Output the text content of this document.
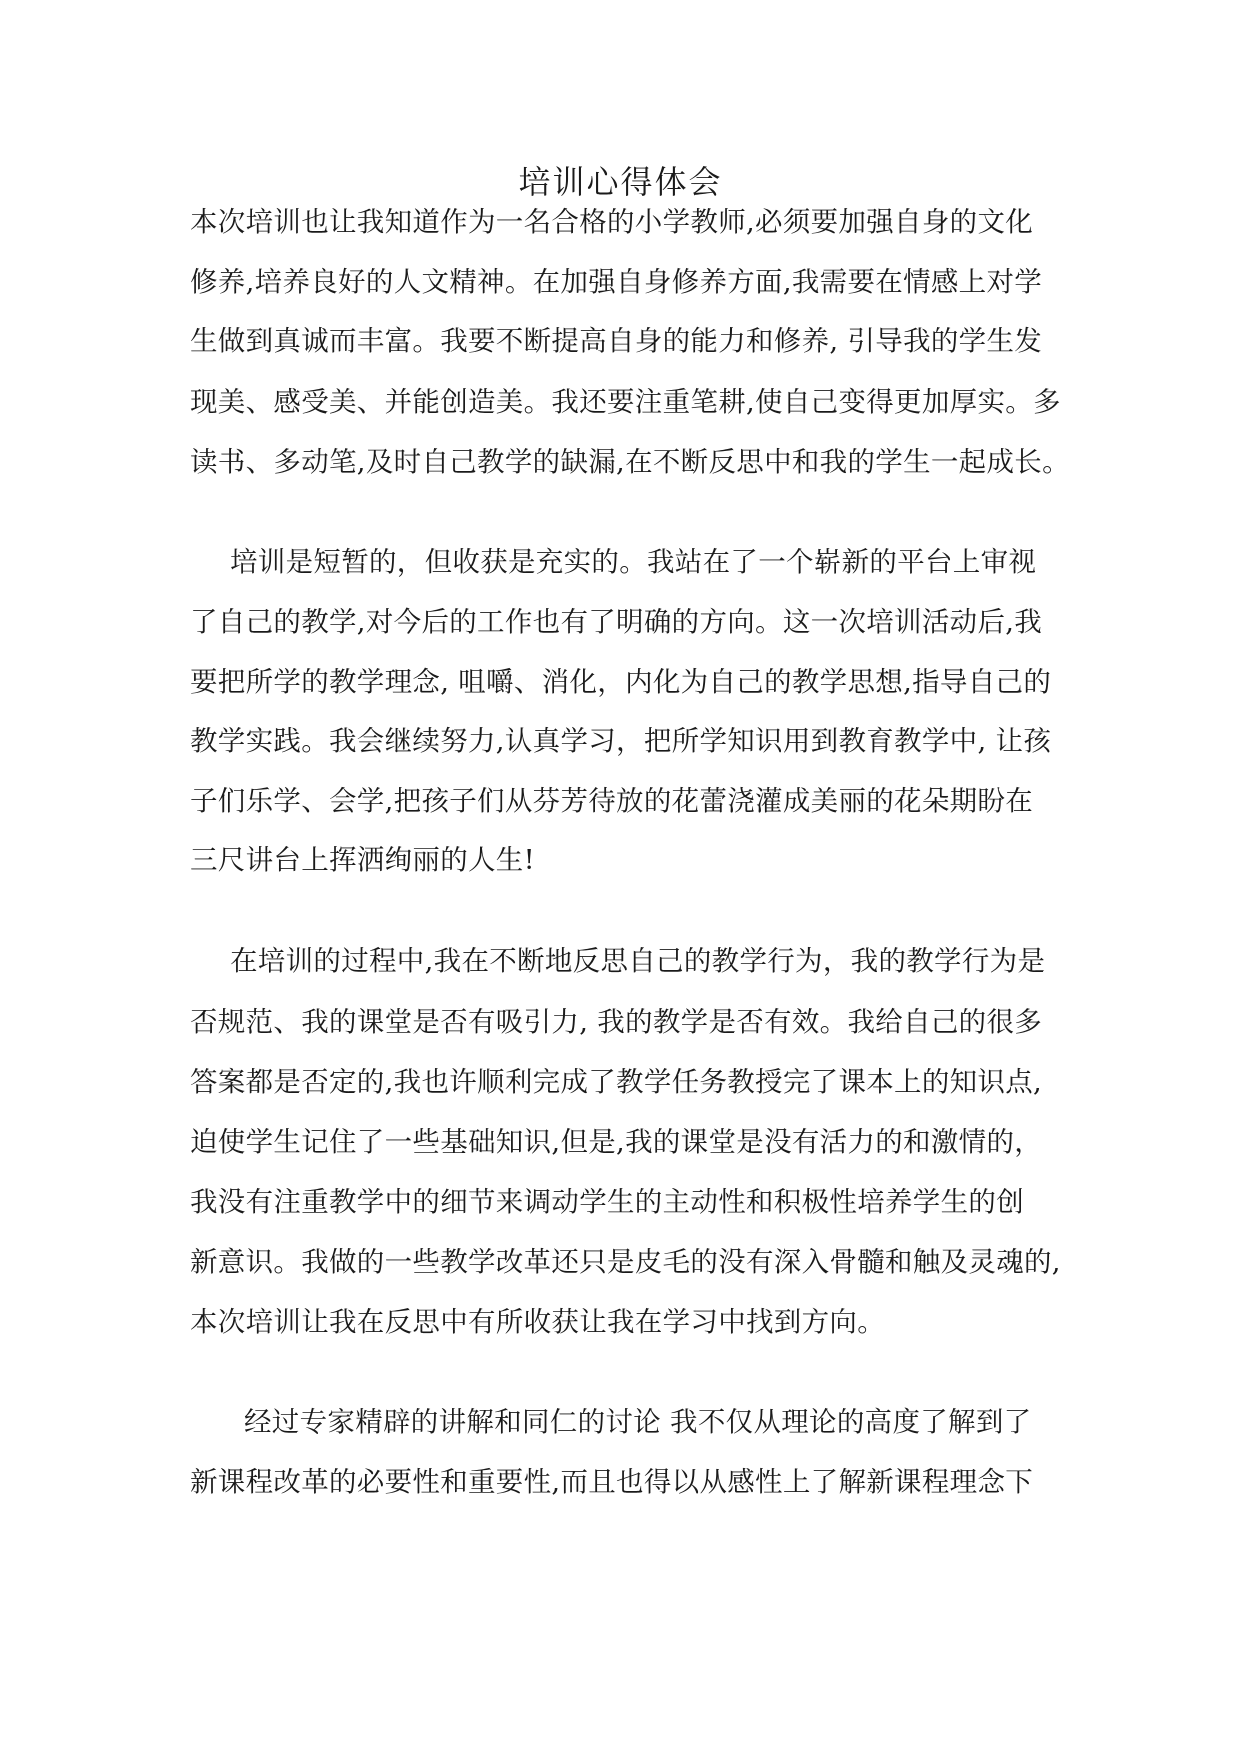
培训心得体会
本次培训也让我知道作为一名合格的小学教师,必须要加强自身的文化
修养,培养良好的人文精神。在加强自身修养方面,我需要在情感上对学
生做到真诚而丰富。我要不断提高自身的能力和修养, 引导我的学生发
现美、感受美、并能创造美。我还要注重笔耕,使自己变得更加厚实。多
读书、多动笔,及时自己教学的缺漏,在不断反思中和我的学生一起成长。
培训是短暂的，但收获是充实的。我站在了一个崭新的平台上审视
了自己的教学,对今后的工作也有了明确的方向。这一次培训活动后,我
要把所学的教学理念, 咀嚼、消化，内化为自己的教学思想,指导自己的
教学实践。我会继续努力,认真学习，把所学知识用到教育教学中, 让孩
子们乐学、会学,把孩子们从芬芳待放的花蕾浇灌成美丽的花朵期盼在
三尺讲台上挥洒绚丽的人生!
在培训的过程中,我在不断地反思自己的教学行为，我的教学行为是
否规范、我的课堂是否有吸引力, 我的教学是否有效。我给自己的很多
答案都是否定的,我也许顺利完成了教学任务教授完了课本上的知识点,
迫使学生记住了一些基础知识,但是,我的课堂是没有活力的和激情的，
我没有注重教学中的细节来调动学生的主动性和积极性培养学生的创
新意识。我做的一些教学改革还只是皮毛的没有深入骨髓和触及灵魂的,
本次培训让我在反思中有所收获让我在学习中找到方向。
经过专家精辟的讲解和同仁的讨论 我不仅从理论的高度了解到了
新课程改革的必要性和重要性,而且也得以从感性上了解新课程理念下
